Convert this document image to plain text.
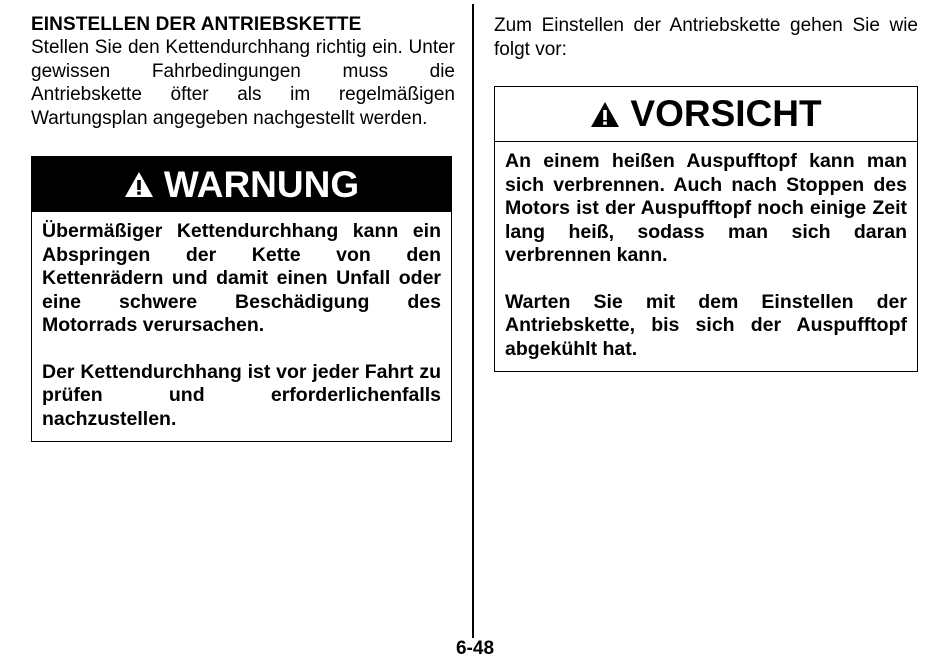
EINSTELLEN DER ANTRIEBSKETTE

Stellen Sie den Kettendurchhang richtig ein. Unter gewissen Fahrbedingungen muss die Antriebskette öfter als im regelmäßigen Wartungsplan angegeben nachgestellt werden.

WARNUNG

Übermäßiger Kettendurchhang kann ein Abspringen der Kette von den Kettenrädern und damit einen Unfall oder eine schwere Beschädigung des Motorrads verursachen.

Der Kettendurchhang ist vor jeder Fahrt zu prüfen und erforderlichenfalls nachzustellen.

Zum Einstellen der Antriebskette gehen Sie wie folgt vor:

VORSICHT

An einem heißen Auspufftopf kann man sich verbrennen. Auch nach Stoppen des Motors ist der Auspufftopf noch einige Zeit lang heiß, sodass man sich daran verbrennen kann.

Warten Sie mit dem Einstellen der Antriebskette, bis sich der Auspufftopf abgekühlt hat.

6-48
